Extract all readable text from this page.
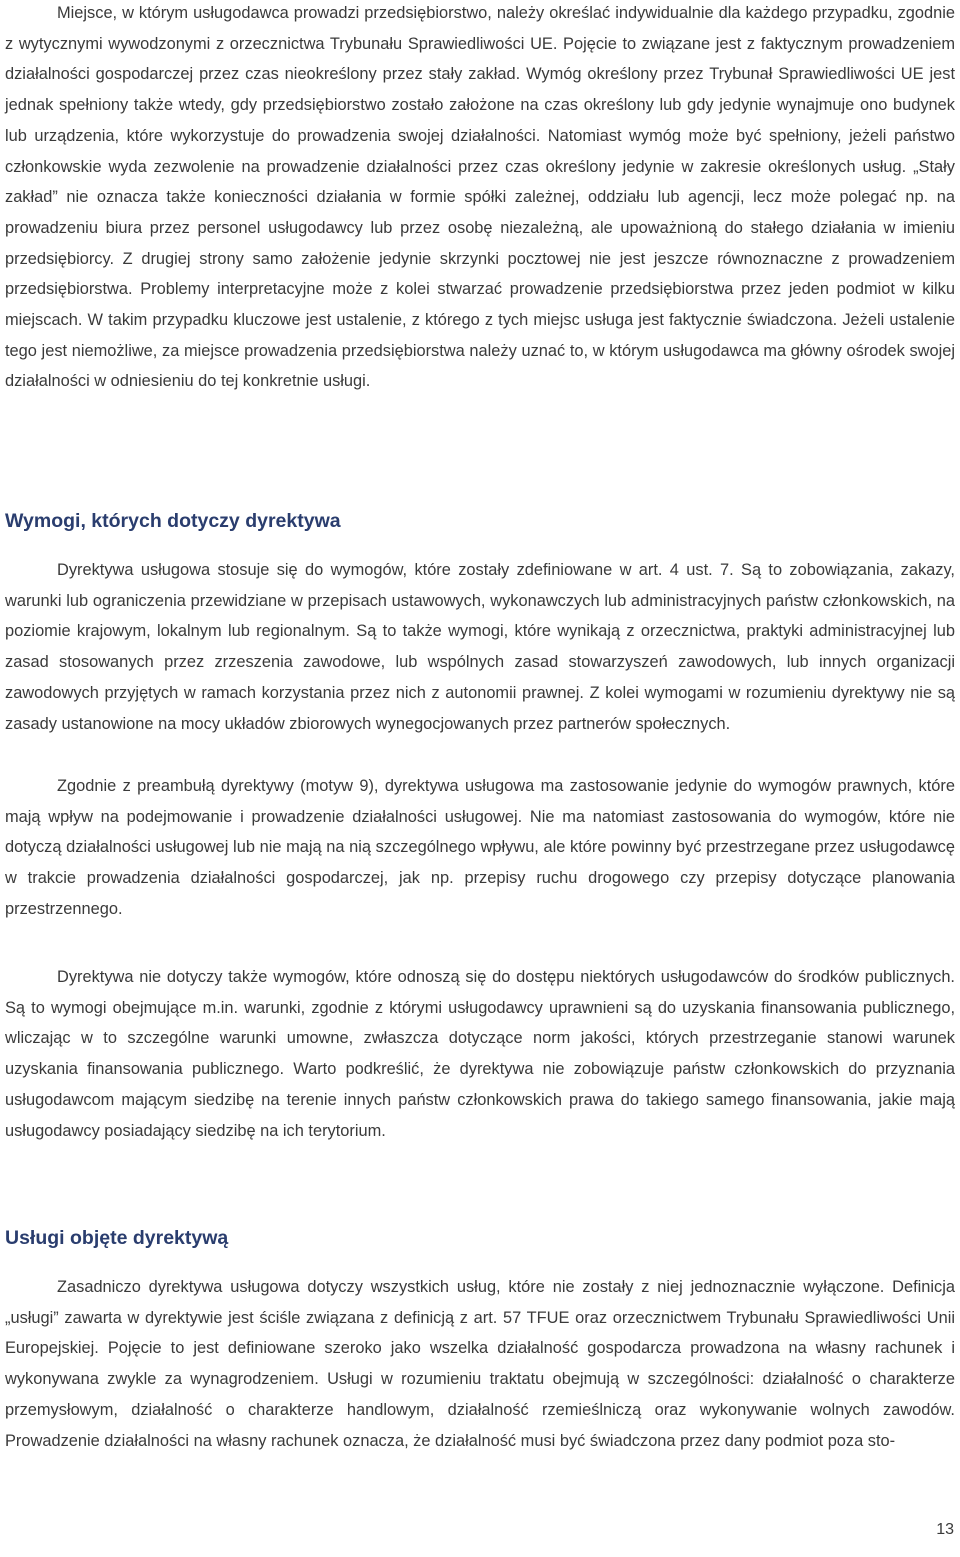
Miejsce, w którym usługodawca prowadzi przedsiębiorstwo, należy określać indywidualnie dla każdego przypadku, zgodnie z wytycznymi wywodzonymi z orzecznictwa Trybunału Sprawiedliwości UE. Pojęcie to związane jest z faktycznym prowadzeniem działalności gospodarczej przez czas nieokreślony przez stały zakład. Wymóg określony przez Trybunał Sprawiedliwości UE jest jednak spełniony także wtedy, gdy przedsiębiorstwo zostało założone na czas określony lub gdy jedynie wynajmuje ono budynek lub urządzenia, które wykorzystuje do prowadzenia swojej działalności. Natomiast wymóg może być spełniony, jeżeli państwo członkowskie wyda zezwolenie na prowadzenie działalności przez czas określony jedynie w zakresie określonych usług. „Stały zakład” nie oznacza także konieczności działania w formie spółki zależnej, oddziału lub agencji, lecz może polegać np. na prowadzeniu biura przez personel usługodawcy lub przez osobę niezależną, ale upoważnioną do stałego działania w imieniu przedsiębiorcy. Z drugiej strony samo założenie jedynie skrzynki pocztowej nie jest jeszcze równoznaczne z prowadzeniem przedsiębiorstwa. Problemy interpretacyjne może z kolei stwarzać prowadzenie przedsiębiorstwa przez jeden podmiot w kilku miejscach. W takim przypadku kluczowe jest ustalenie, z którego z tych miejsc usługa jest faktycznie świadczona. Jeżeli ustalenie tego jest niemożliwe, za miejsce prowadzenia przedsiębiorstwa należy uznać to, w którym usługodawca ma główny ośrodek swojej działalności w odniesieniu do tej konkretnie usługi.

Wymogi, których dotyczy dyrektywa

Dyrektywa usługowa stosuje się do wymogów, które zostały zdefiniowane w art. 4 ust. 7. Są to zobowiązania, zakazy, warunki lub ograniczenia przewidziane w przepisach ustawowych, wykonawczych lub administracyjnych państw członkowskich, na poziomie krajowym, lokalnym lub regionalnym. Są to także wymogi, które wynikają z orzecznictwa, praktyki administracyjnej lub zasad stosowanych przez zrzeszenia zawodowe, lub wspólnych zasad stowarzyszeń zawodowych, lub innych organizacji zawodowych przyjętych w ramach korzystania przez nich z autonomii prawnej. Z kolei wymogami w rozumieniu dyrektywy nie są zasady ustanowione na mocy układów zbiorowych wynegocjowanych przez partnerów społecznych.

Zgodnie z preambułą dyrektywy (motyw 9), dyrektywa usługowa ma zastosowanie jedynie do wymogów prawnych, które mają wpływ na podejmowanie i prowadzenie działalności usługowej. Nie ma natomiast zastosowania do wymogów, które nie dotyczą działalności usługowej lub nie mają na nią szczególnego wpływu, ale które powinny być przestrzegane przez usługodawcę w trakcie prowadzenia działalności gospodarczej, jak np. przepisy ruchu drogowego czy przepisy dotyczące planowania przestrzennego.

Dyrektywa nie dotyczy także wymogów, które odnoszą się do dostępu niektórych usługodawców do środków publicznych. Są to wymogi obejmujące m.in. warunki, zgodnie z którymi usługodawcy uprawnieni są do uzyskania finansowania publicznego, wliczając w to szczególne warunki umowne, zwłaszcza dotyczące norm jakości, których przestrzeganie stanowi warunek uzyskania finansowania publicznego. Warto podkreślić, że dyrektywa nie zobowiązuje państw członkowskich do przyznania usługodawcom mającym siedzibę na terenie innych państw członkowskich prawa do takiego samego finansowania, jakie mają usługodawcy posiadający siedzibę na ich terytorium.

Usługi objęte dyrektywą

Zasadniczo dyrektywa usługowa dotyczy wszystkich usług, które nie zostały z niej jednoznacznie wyłączone. Definicja „usługi” zawarta w dyrektywie jest ściśle związana z definicją z art. 57 TFUE oraz orzecznictwem Trybunału Sprawiedliwości Unii Europejskiej. Pojęcie to jest definiowane szeroko jako wszelka działalność gospodarcza prowadzona na własny rachunek i wykonywana zwykle za wynagrodzeniem. Usługi w rozumieniu traktatu obejmują w szczególności: działalność o charakterze przemysłowym, działalność o charakterze handlowym, działalność rzemieślniczą oraz wykonywanie wolnych zawodów. Prowadzenie działalności na własny rachunek oznacza, że działalność musi być świadczona przez dany podmiot poza sto-

13
